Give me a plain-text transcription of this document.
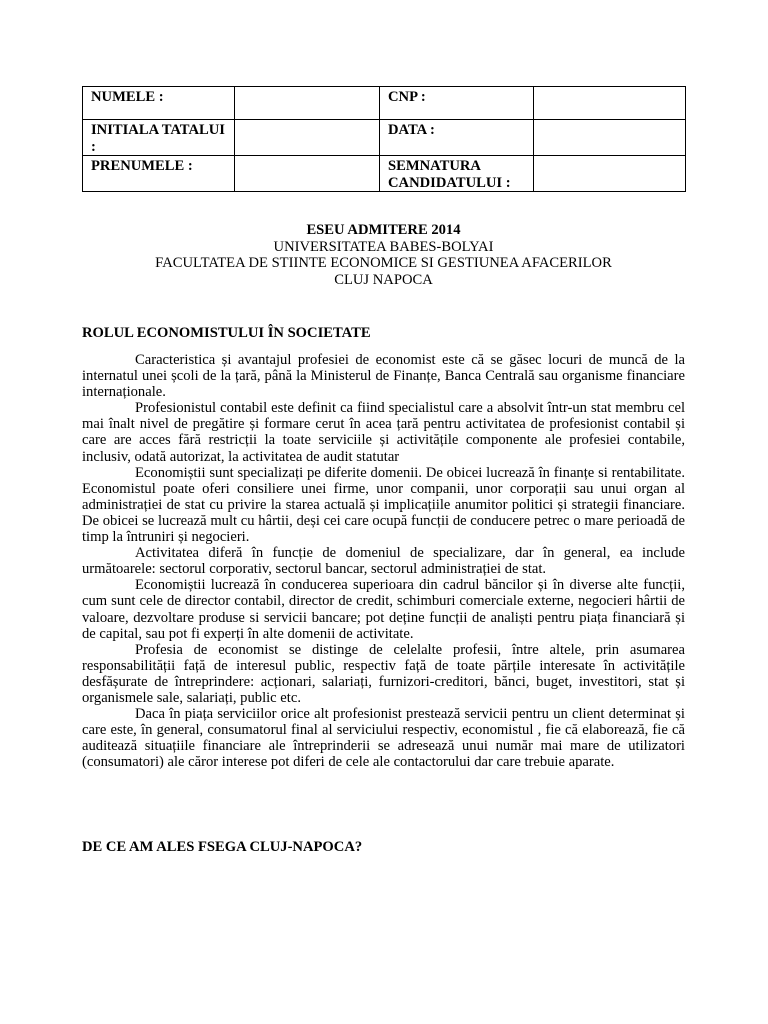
NUMELE :		CNP :	
INITIALA TATALUI :		DATA :	
PRENUMELE :		SEMNATURA CANDIDATULUI :	
ESEU ADMITERE 2014
UNIVERSITATEA BABES-BOLYAI
FACULTATEA DE STIINTE ECONOMICE SI GESTIUNEA AFACERILOR
CLUJ NAPOCA
ROLUL ECONOMISTULUI ÎN SOCIETATE

Caracteristica și avantajul profesiei de economist este că se găsec locuri de muncă de la internatul unei școli de la țară, până la Ministerul de Finanțe, Banca Centrală sau organisme financiare internaționale.

Profesionistul contabil este definit ca fiind specialistul care a absolvit într-un stat membru cel mai înalt nivel de pregătire și formare cerut în acea țară pentru activitatea de profesionist contabil și care are acces fără restricții la toate serviciile și activitățile componente ale profesiei contabile, inclusiv, odată autorizat, la activitatea de audit statutar

Economiștii sunt specializați pe diferite domenii. De obicei lucrează în finanțe si rentabilitate. Economistul poate oferi consiliere unei firme, unor companii, unor corporații sau unui organ al administrației de stat cu privire la starea actuală și implicațiile anumitor politici și strategii financiare. De obicei se lucrează mult cu hârtii, deși cei care ocupă funcții de conducere petrec o mare perioadă de timp la întruniri și negocieri.

Activitatea diferă în funcție de domeniul de specializare, dar în general, ea include următoarele: sectorul corporativ, sectorul bancar, sectorul administrației de stat.

Economiștii lucrează în conducerea superioara din cadrul băncilor și în diverse alte funcții, cum sunt cele de director contabil, director de credit, schimburi comerciale externe, negocieri hârtii de valoare, dezvoltare produse si servicii bancare; pot deține funcții de analiști pentru piața financiară și de capital, sau pot fi experți în alte domenii de activitate.

Profesia de economist se distinge de celelalte profesii, între altele, prin asumarea responsabilității față de interesul public, respectiv față de toate părțile interesate în activitățile desfășurate de întreprindere: acționari, salariați, furnizori-creditori, bănci, buget, investitori, stat și organismele sale, salariați, public etc.

Daca în piața serviciilor orice alt profesionist prestează servicii pentru un client determinat și care este, în general, consumatorul final al serviciului respectiv, economistul , fie că elaborează, fie că auditează situațiile financiare ale întreprinderii se adresează unui număr mai mare de utilizatori (consumatori) ale căror interese pot diferi de cele ale contactorului dar care trebuie aparate.

DE CE AM ALES FSEGA CLUJ-NAPOCA?
